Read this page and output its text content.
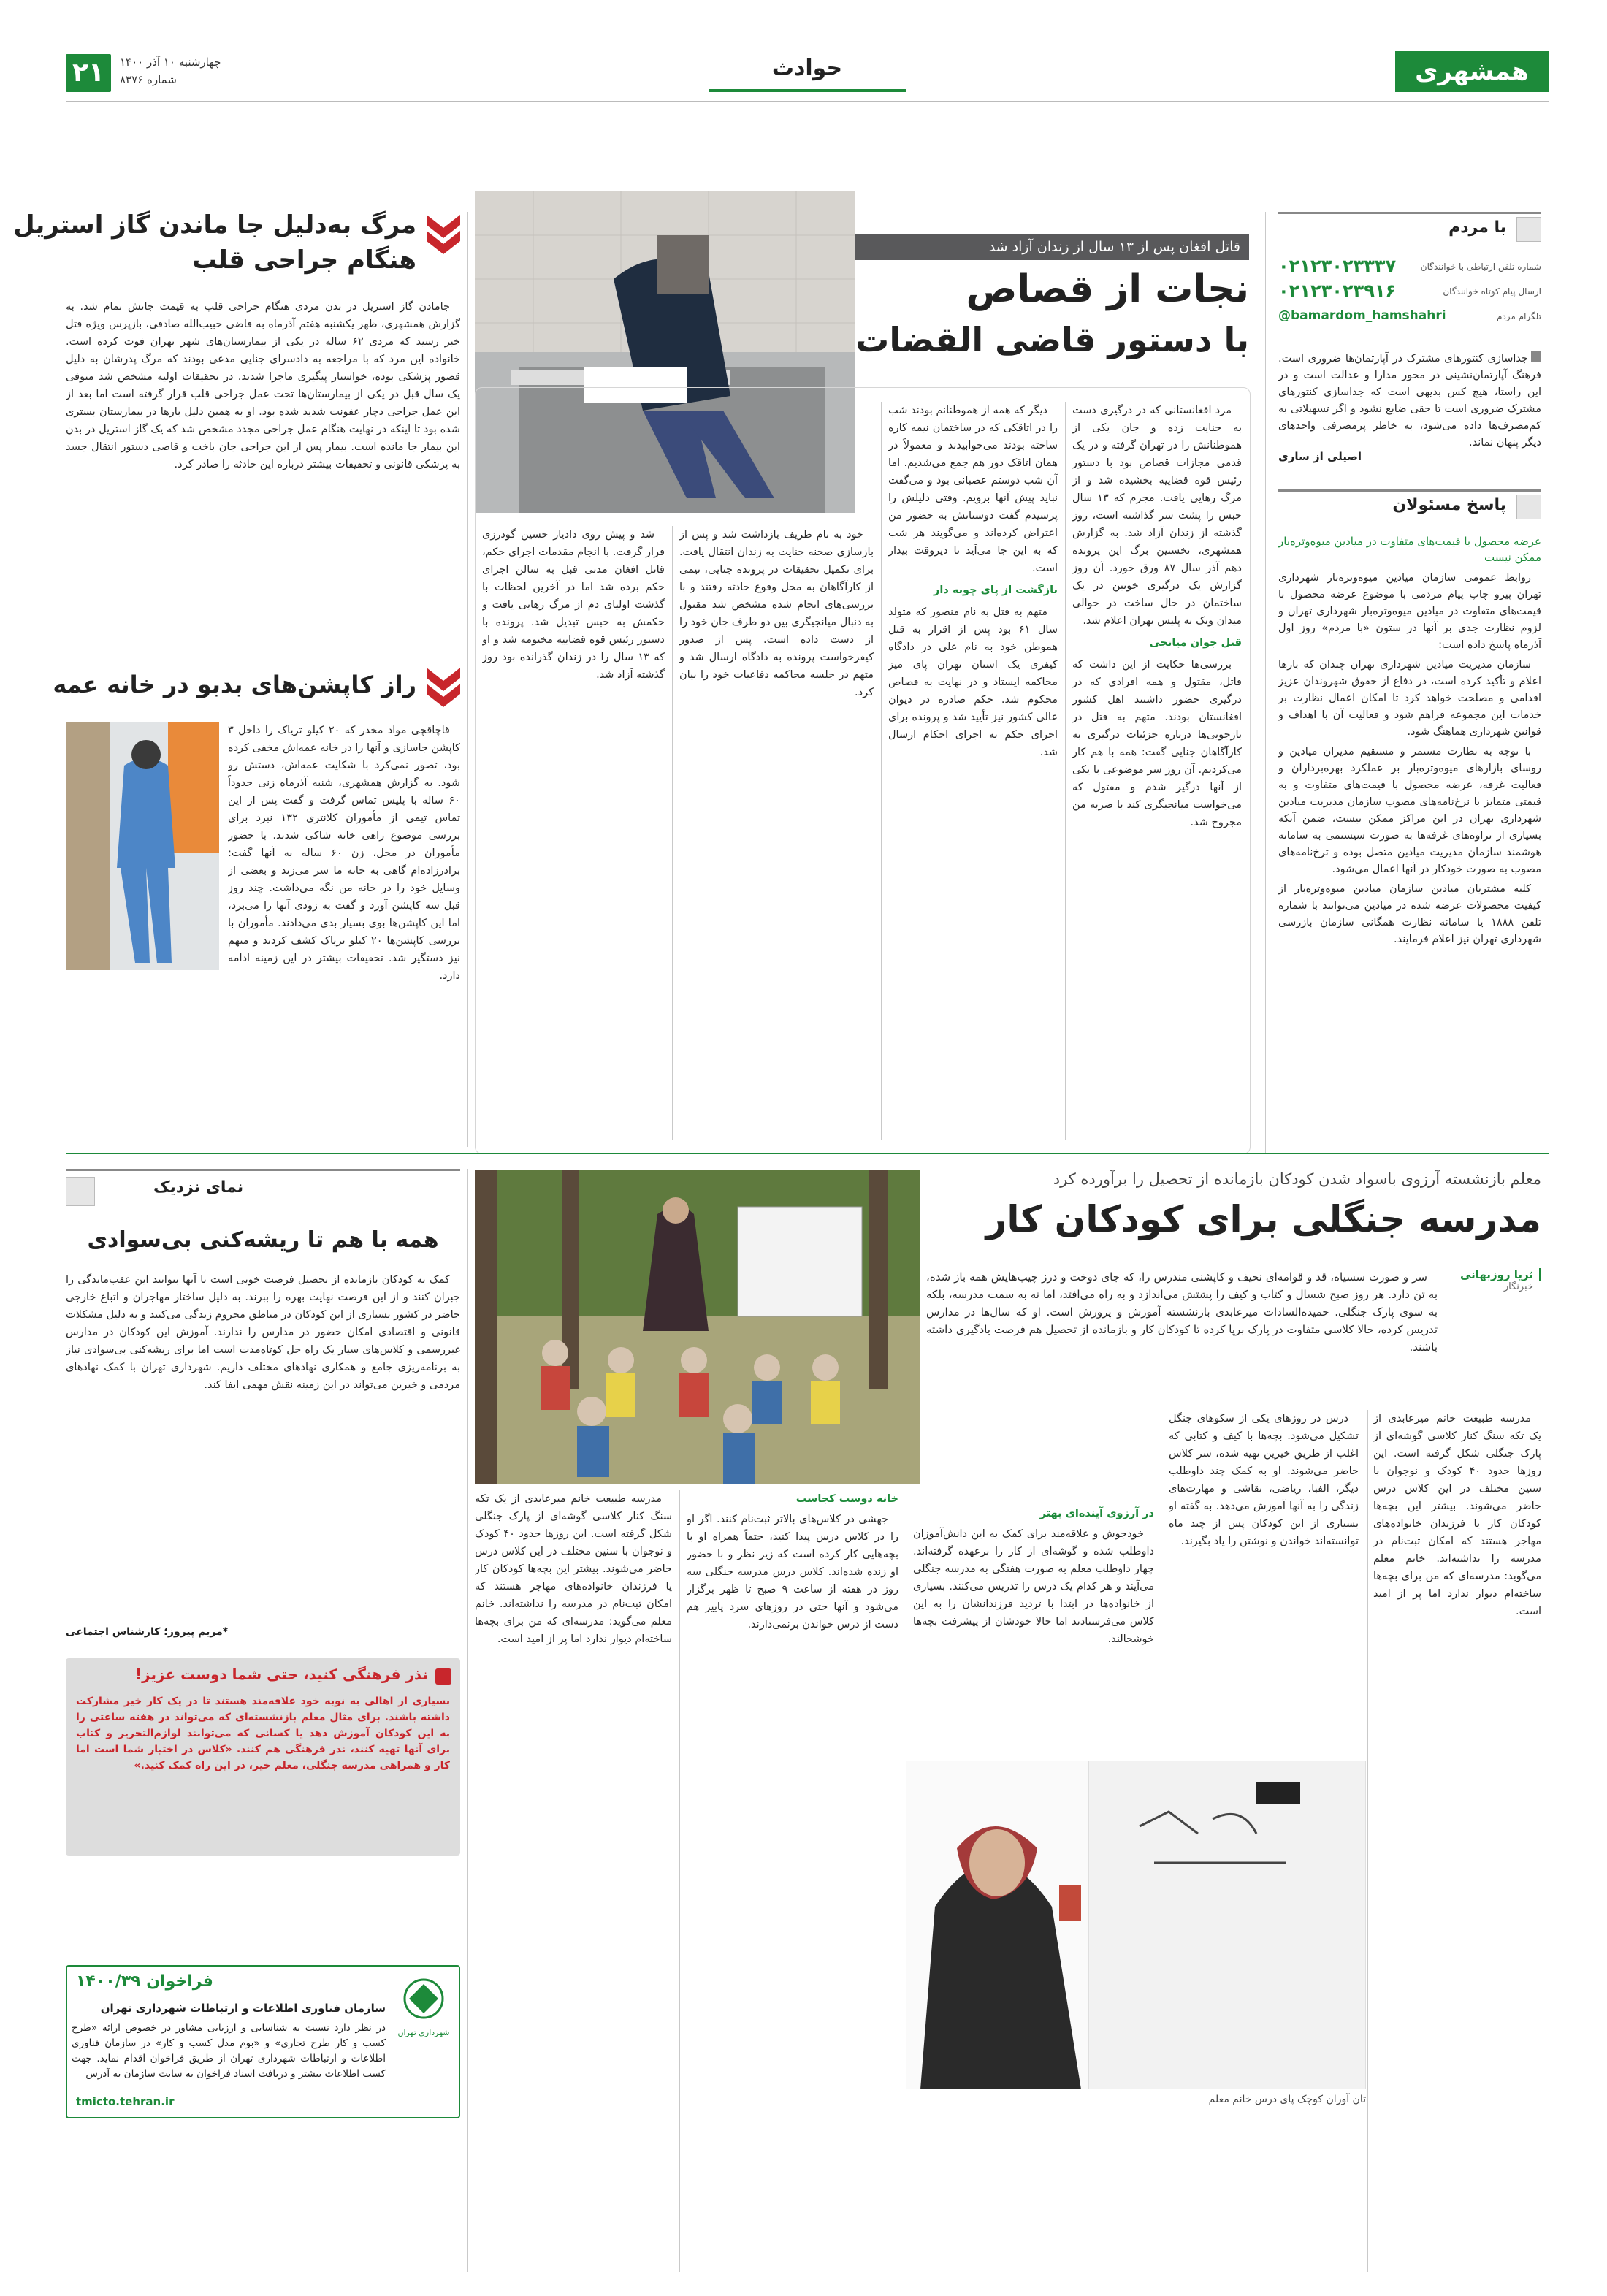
۲۱	چهارشنبه ۱۰ آذر ۱۴۰۰
شماره ۸۳۷۶	حوادث	همشهری
با مردم
شماره تلفن ارتباطی با خوانندگان
۰۲۱۲۳۰۲۳۳۳۷
ارسال پیام کوتاه خوانندگان
۰۲۱۲۳۰۲۳۹۱۶
تلگرام مردم
@bamardom_hamshahri
جداسازی کنتورهای مشترک در آپارتمان‌ها ضروری است. فرهنگ آپارتمان‌نشینی در محور مدارا و عدالت است و در این راستا، هیچ کس بدیهی است که جداسازی کنتورهای مشترک ضروری است تا حقی ضایع نشود و اگر تسهیلاتی به کم‌مصرف‌ها داده می‌شود، به خاطر پرمصرفی واحدهای دیگر پنهان نماند.
اصیلی از ساری
پاسخ مسئولان
عرضه محصول با قیمت‌های متفاوت در میادین میوه‌وتره‌بار ممکن نیست

روابط عمومی سازمان میادین میوه‌وتره‌بار شهرداری تهران پیرو چاپ پیام مردمی با موضوع عرضه محصول با قیمت‌های متفاوت در میادین میوه‌وتره‌بار شهرداری تهران و لزوم نظارت جدی بر آنها در ستون «با مردم» روز اول آذرماه پاسخ داده است:

سازمان مدیریت میادین شهرداری تهران چندان که بارها اعلام و تأکید کرده است، در دفاع از حقوق شهروندان عزیز اقدامی و مصلحت خواهد کرد تا امکان اعمال نظارت بر خدمات این مجموعه فراهم شود و فعالیت آن با اهداف و قوانین شهرداری هماهنگ شود.

با توجه به نظارت مستمر و مستقیم مدیران میادین و روسای بازارهای میوه‌وتره‌بار بر عملکرد بهره‌برداران و فعالیت غرفه، عرضه محصول با قیمت‌های متفاوت و به قیمتی متمایز با نرخ‌نامه‌های مصوب سازمان مدیریت میادین شهرداری تهران در این مراکز ممکن نیست، ضمن آنکه بسیاری از تراوه‌های غرفه‌ها به صورت سیستمی به سامانه هوشمند سازمان مدیریت میادین متصل بوده و ترخ‌نامه‌های مصوب به صورت خودکار در آنها اعمال می‌شود.

کلیه مشتریان میادین سازمان میادین میوه‌وتره‌بار از کیفیت محصولات عرضه شده در میادین می‌توانند با شماره تلفن ۱۸۸۸ یا سامانه نظارت همگانی سازمان بازرسی شهرداری تهران نیز اعلام فرمایند.

قاتل افغان پس از ۱۳ سال از زندان آزاد شد
نجات از قصاص
با دستور قاضی القضات

مرد افغانستانی که در درگیری دست به جنایت زده و جان یکی از هموطنانش را در تهران گرفته و در یک قدمی مجازات قصاص بود با دستور رئیس قوه قضاییه بخشیده شد و از مرگ رهایی یافت. مجرم که ۱۳ سال حبس را پشت سر گذاشته است، روز گذشته از زندان آزاد شد. به گزارش همشهری، نخستین برگ این پرونده دهم آذر سال ۸۷ ورق خورد. آن روز گزارش یک درگیری خونین در یک ساختمان در حال ساخت در حوالی میدان ونک به پلیس تهران اعلام شد.

قتل جوان میانجی

بررسی‌ها حکایت از این داشت که قاتل، مقتول و همه افرادی که در درگیری حضور داشتند اهل کشور افغانستان بودند. متهم به قتل در بازجویی‌ها درباره جزئیات درگیری به کارآگاهان جنایی گفت: همه با هم کار می‌کردیم. آن روز سر موضوعی با یکی از آنها درگیر شدم و مقتول که می‌خواست میانجیگری کند با ضربه من مجروح شد.

دیگر که همه از هموطنانم بودند شب را در اتاقکی که در ساختمان نیمه کاره ساخته بودند می‌خوابیدند و معمولاً در همان اتاقک دور هم جمع می‌شدیم. اما آن شب دوستم عصبانی بود و می‌گفت نباید پیش آنها برویم. وقتی دلیلش را پرسیدم گفت دوستانش به حضور من اعتراض کرده‌اند و می‌گویند هر شب که به این جا می‌آید تا دیروقت بیدار است.

بازگشت از پای چوبه دار

متهم به قتل به نام منصور که متولد سال ۶۱ بود پس از اقرار به قتل هموطن خود به نام علی در دادگاه کیفری یک استان تهران پای میز محاکمه ایستاد و در نهایت به قصاص محکوم شد. حکم صادره در دیوان عالی کشور نیز تأیید شد و پرونده برای اجرای حکم به اجرای احکام ارسال شد.

خود به نام طریف بازداشت شد و پس از بازسازی صحنه جنایت به زندان انتقال یافت. برای تکمیل تحقیقات در پرونده جنایی، تیمی از کارآگاهان به محل وقوع حادثه رفتند و با بررسی‌های انجام شده مشخص شد مقتول به دنبال میانجیگری بین دو طرف جان خود را از دست داده است. پس از صدور کیفرخواست پرونده به دادگاه ارسال شد و متهم در جلسه محاکمه دفاعیات خود را بیان کرد.

شد و پیش روی دادیار حسین گودرزی قرار گرفت. با انجام مقدمات اجرای حکم، قاتل افغان مدتی قبل به سالن اجرای حکم برده شد اما در آخرین لحظات با گذشت اولیای دم از مرگ رهایی یافت و حکمش به حبس تبدیل شد. پرونده با دستور رئیس قوه قضاییه مختومه شد و او که ۱۳ سال را در زندان گذرانده بود روز گذشته آزاد شد.

مرگ به‌دلیل جا ماندن گاز استریل
هنگام جراحی قلب

جامادن گاز استریل در بدن مردی هنگام جراحی قلب به قیمت جانش تمام شد. به گزارش همشهری، ظهر یکشنبه هفتم آذرماه به قاضی حبیب‌الله صادقی، بازپرس ویژه قتل خبر رسید که مردی ۶۲ ساله در یکی از بیمارستان‌های شهر تهران فوت کرده است. خانواده این مرد که با مراجعه به دادسرای جنایی مدعی بودند که مرگ پدرشان به دلیل قصور پزشکی بوده، خواستار پیگیری ماجرا شدند. در تحقیقات اولیه مشخص شد متوفی یک سال قبل در یکی از بیمارستان‌ها تحت عمل جراحی قلب قرار گرفته است اما بعد از این عمل جراحی دچار عفونت شدید شده بود. او به همین دلیل بارها در بیمارستان بستری شده بود تا اینکه در نهایت هنگام عمل جراحی مجدد مشخص شد که یک گاز استریل در بدن این بیمار جا مانده است. بیمار پس از این جراحی جان باخت و قاضی دستور انتقال جسد به پزشکی قانونی و تحقیقات بیشتر درباره این حادثه را صادر کرد.

راز کاپشن‌های بدبو در خانه عمه

قاچاقچی مواد مخدر که ۲۰ کیلو تریاک را داخل ۳ کاپشن جاسازی و آنها را در خانه عمه‌اش مخفی کرده بود، تصور نمی‌کرد با شکایت عمه‌اش، دستش رو شود. به گزارش همشهری، شنبه آذرماه زنی حدوداً ۶۰ ساله با پلیس تماس گرفت و گفت پس از این تماس تیمی از مأموران کلانتری ۱۳۲ نبرد برای بررسی موضوع راهی خانه شاکی شدند. با حضور مأموران در محل، زن ۶۰ ساله به آنها گفت: برادرزاده‌ام گاهی به خانه ما سر می‌زند و بعضی از وسایل خود را در خانه من نگه می‌داشت. چند روز قبل سه کاپشن آورد و گفت به زودی آنها را می‌برد، اما این کاپشن‌ها بوی بسیار بدی می‌دادند. مأموران با بررسی کاپشن‌ها ۲۰ کیلو تریاک کشف کردند و متهم نیز دستگیر شد. تحقیقات بیشتر در این زمینه ادامه دارد.

معلم بازنشسته آرزوی باسواد شدن کودکان بازمانده از تحصیل را برآورده کرد
مدرسه جنگلی برای کودکان کار
ثریا روزبهانی
خبرنگار

سر و صورت سسیاه، قد و قوامه‌ای نحیف و کاپشنی مندرس را، که جای دوخت و درز چیب‌هایش همه باز شده، به تن دارد. هر روز صبح شسال و کتاب و کیف را پشتش می‌اندازد و به راه می‌افتد، اما نه به سمت مدرسه، بلکه به سوی پارک جنگلی. حمیده‌السادات میرعابدی بازنشسته آموزش و پرورش است. او که سال‌ها در مدارس تدریس کرده، حالا کلاسی متفاوت در پارک برپا کرده تا کودکان کار و بازمانده از تحصیل هم فرصت یادگیری داشته باشند.

تان آوران کوچک پای درس خانم معلم

مدرسه طبیعت خانم میرعابدی از یک تکه سنگ کنار کلاسی گوشه‌ای از پارک جنگلی شکل گرفته است. این روزها حدود ۴۰ کودک و نوجوان با سنین مختلف در این کلاس درس حاضر می‌شوند. بیشتر این بچه‌ها کودکان کار یا فرزندان خانواده‌های مهاجر هستند که امکان ثبت‌نام در مدرسه را نداشته‌اند. خانم معلم می‌گوید: مدرسه‌ای که من برای بچه‌ها ساخته‌ام دیوار ندارد اما پر از امید است.

درس در روزهای یکی از سکوهای جنگل تشکیل می‌شود. بچه‌ها با کیف و کتابی که اغلب از طریق خیرین تهیه شده، سر کلاس حاضر می‌شوند. او به کمک چند داوطلب دیگر، الفبا، ریاضی، نقاشی و مهارت‌های زندگی را به آنها آموزش می‌دهد. به گفته او بسیاری از این کودکان پس از چند ماه توانسته‌اند خواندن و نوشتن را یاد بگیرند.

در آرزوی آینده‌ای بهتر

خودجوش و علاقه‌مند برای کمک به این دانش‌آموزان داوطلب شده و گوشه‌ای از کار را برعهده گرفته‌اند. چهار داوطلب معلم به صورت هفتگی به مدرسه جنگلی می‌آیند و هر کدام یک درس را تدریس می‌کنند. بسیاری از خانواده‌ها در ابتدا با تردید فرزندانشان را به این کلاس می‌فرستادند اما حالا خودشان از پیشرفت بچه‌ها خوشحالند.

خانه دوست کجاست

جهشی در کلاس‌های بالاتر ثبت‌نام کنند. اگر او را در کلاس درس پیدا کنید، حتماً همراه او با بچه‌هایی کار کرده است که زیر نظر و با حضور او زنده شده‌اند. کلاس درس مدرسه جنگلی سه روز در هفته از ساعت ۹ صبح تا ظهر برگزار می‌شود و آنها حتی در روزهای سرد پاییز هم دست از درس خواندن برنمی‌دارند.

مدرسه طبیعت خانم میرعابدی از یک تکه سنگ کنار کلاسی گوشه‌ای از پارک جنگلی شکل گرفته است. این روزها حدود ۴۰ کودک و نوجوان با سنین مختلف در این کلاس درس حاضر می‌شوند. بیشتر این بچه‌ها کودکان کار یا فرزندان خانواده‌های مهاجر هستند که امکان ثبت‌نام در مدرسه را نداشته‌اند. خانم معلم می‌گوید: مدرسه‌ای که من برای بچه‌ها ساخته‌ام دیوار ندارد اما پر از امید است.

نمای نزدیک
همه با هم تا ریشه‌کنی بی‌سوادی

کمک به کودکان بازمانده از تحصیل فرصت خوبی است تا آنها بتوانند این عقب‌ماندگی را جبران کنند و از این فرصت نهایت بهره را ببرند. به دلیل ساختار مهاجران و اتباع خارجی حاضر در کشور بسیاری از این کودکان در مناطق محروم زندگی می‌کنند و به دلیل مشکلات قانونی و اقتصادی امکان حضور در مدارس را ندارند. آموزش این کودکان در مدارس غیررسمی و کلاس‌های سیار یک راه حل کوتاه‌مدت است اما برای ریشه‌کنی بی‌سوادی نیاز به برنامه‌ریزی جامع و همکاری نهادهای مختلف داریم. شهرداری تهران با کمک نهادهای مردمی و خیرین می‌تواند در این زمینه نقش مهمی ایفا کند.

*مریم پیروز؛ کارشناس اجتماعی
نذر فرهنگی کنید، حتی شما دوست عزیز!
بسیاری از اهالی به نوبه خود علاقه‌مند هستند تا در یک کار خیر مشارکت داشته باشند. برای مثال معلم بازنشسته‌ای که می‌تواند در هفته ساعتی را به این کودکان آموزش دهد یا کسانی که می‌توانند لوازم‌التحریر و کتاب برای آنها تهیه کنند، نذر فرهنگی هم کنند. «کلاس در اختیار شما است اما کار و همراهی مدرسه جنگلی، معلم خیر، در این راه کمک کنید.»
شهرداری تهران
فراخوان ۱۴۰۰/۳۹
سازمان فناوری اطلاعات و ارتباطات شهرداری تهران
در نظر دارد نسبت به شناسایی و ارزیابی مشاور در خصوص ارائه «طرح کسب و کار طرح تجاری» و «بوم مدل کسب و کار» در سازمان فناوری اطلاعات و ارتباطات شهرداری تهران از طریق فراخوان اقدام نماید. جهت کسب اطلاعات بیشتر و دریافت اسناد فراخوان به سایت سازمان به آدرس
tmicto.tehran.ir
